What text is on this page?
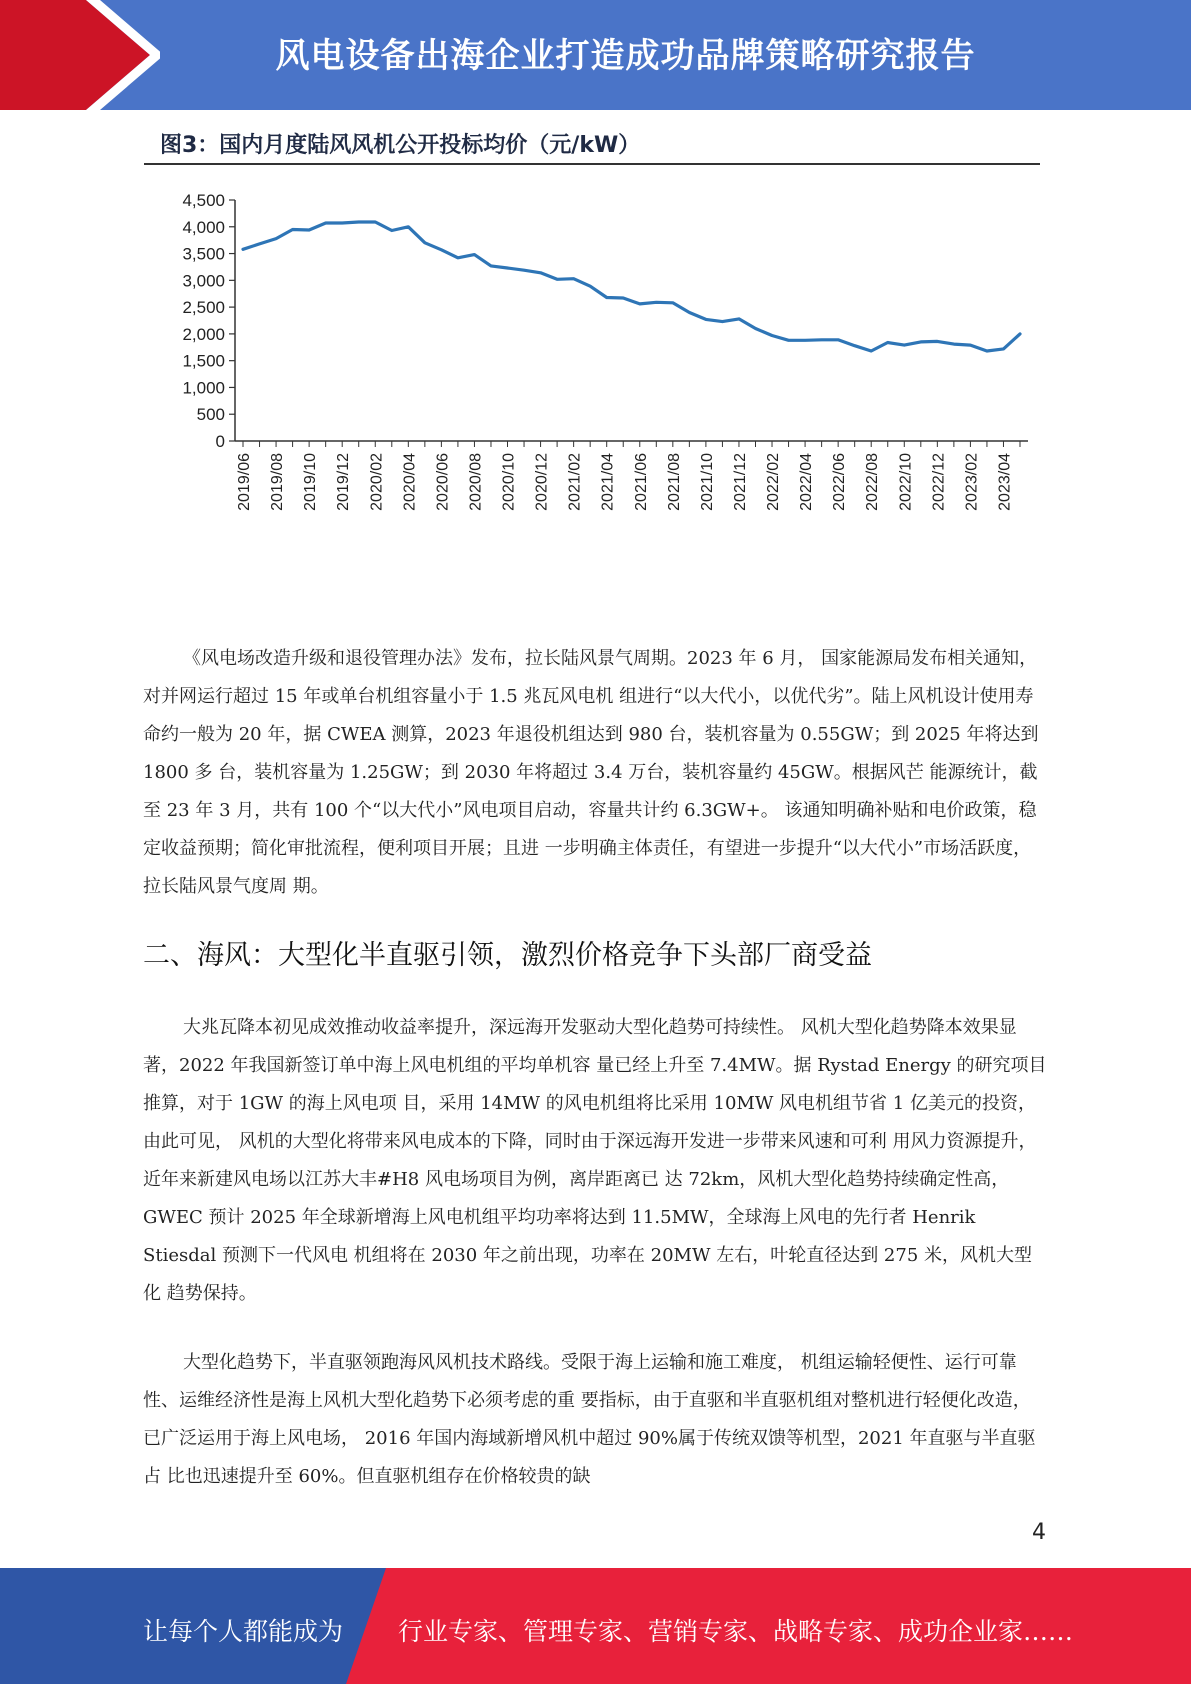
风电设备出海企业打造成功品牌策略研究报告
图3：国内月度陆风风机公开投标均价（元/kW）
0
500
1,000
1,500
2,000
2,500
3,000
3,500
4,000
4,500
2019/06 2019/08 2019/10 2019/12 2020/02 2020/04 2020/06 2020/08 2020/10 2020/12 2021/02 2021/04 2021/06 2021/08 2021/10 2021/12 2022/02 2022/04 2022/06 2022/08 2022/10 2022/12 2023/02 2023/04

《风电场改造升级和退役管理办法》发布，拉长陆风景气周期。2023 年 6 月， 国家能源局发布相关通知，对并网运行超过 15 年或单台机组容量小于 1.5 兆瓦风电机 组进行“以大代小，以优代劣”。陆上风机设计使用寿命约一般为 20 年，据 CWEA 测算，2023 年退役机组达到 980 台，装机容量为 0.55GW；到 2025 年将达到 1800 多 台，装机容量为 1.25GW；到 2030 年将超过 3.4 万台，装机容量约 45GW。根据风芒 能源统计，截至 23 年 3 月，共有 100 个“以大代小”风电项目启动，容量共计约 6.3GW+。 该通知明确补贴和电价政策，稳定收益预期；简化审批流程，便利项目开展；且进 一步明确主体责任，有望进一步提升“以大代小”市场活跃度，拉长陆风景气度周 期。

二、海风：大型化半直驱引领，激烈价格竞争下头部厂商受益

大兆瓦降本初见成效推动收益率提升，深远海开发驱动大型化趋势可持续性。 风机大型化趋势降本效果显著，2022 年我国新签订单中海上风电机组的平均单机容 量已经上升至 7.4MW。据 Rystad Energy 的研究项目推算，对于 1GW 的海上风电项 目，采用 14MW 的风电机组将比采用 10MW 风电机组节省 1 亿美元的投资，由此可见， 风机的大型化将带来风电成本的下降，同时由于深远海开发进一步带来风速和可利 用风力资源提升，近年来新建风电场以江苏大丰#H8 风电场项目为例，离岸距离已 达 72km，风机大型化趋势持续确定性高，GWEC 预计 2025 年全球新增海上风电机组平均功率将达到 11.5MW，全球海上风电的先行者 Henrik Stiesdal 预测下一代风电 机组将在 2030 年之前出现，功率在 20MW 左右，叶轮直径达到 275 米，风机大型化 趋势保持。

大型化趋势下，半直驱领跑海风风机技术路线。受限于海上运输和施工难度， 机组运输轻便性、运行可靠性、运维经济性是海上风机大型化趋势下必须考虑的重 要指标，由于直驱和半直驱机组对整机进行轻便化改造，已广泛运用于海上风电场， 2016 年国内海域新增风机中超过 90%属于传统双馈等机型，2021 年直驱与半直驱占 比也迅速提升至 60%。但直驱机组存在价格较贵的缺

4
让每个人都能成为 行业专家、管理专家、营销专家、战略专家、成功企业家……
